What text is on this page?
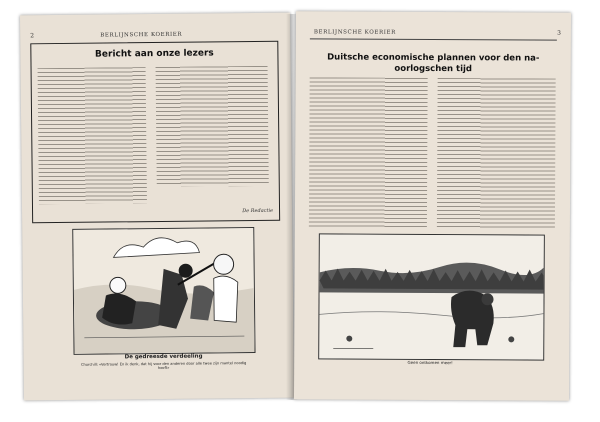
2	BERLIJNSCHE KOERIER
Bericht aan onze lezers
De Redactie
De gedreesde verdeeling
Churchill: «Vertrouw! En ik denk, dat hij voor den anderen door alle twee zijn mantel noodig heeft»
BERLIJNSCHE KOERIER	3
Duitsche economische plannen voor den na-oorlogschen tijd
Geen ontkomen meer!
